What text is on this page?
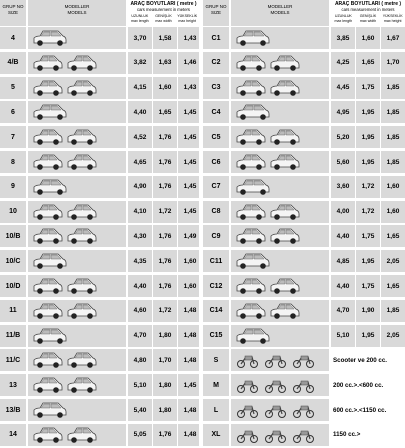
GRUP NO
SIZE
MODELLER
MODELS
ARAÇ BOYUTLARI ( metre )
cars measurement in meters
UZUNLUK
max length
GENİŞLİK
max width
YÜKSEKLİK
max height
4	3,70	1,58	1,43
4/B	3,82	1,63	1,46
5	4,15	1,60	1,43
6	4,40	1,65	1,45
7	4,52	1,76	1,45
8	4,65	1,76	1,45
9	4,90	1,76	1,45
10	4,10	1,72	1,45
10/B	4,30	1,76	1,49
10/C	4,35	1,76	1,60
10/D	4,40	1,76	1,60
11	4,60	1,72	1,48
11/B	4,70	1,80	1,48
11/C	4,80	1,70	1,48
13	5,10	1,80	1,45
13/B	5,40	1,80	1,48
14	5,05	1,76	1,48
GRUP NO
SIZE
MODELLER
MODELS
ARAÇ BOYUTLARI ( metre )
cars measurement in meters
UZUNLUK
max length
GENİŞLİK
max width
YÜKSEKLİK
max height
C1	3,85	1,60	1,67
C2	4,25	1,65	1,70
C3	4,45	1,75	1,85
C4	4,95	1,95	1,85
C5	5,20	1,95	1,85
C6	5,60	1,95	1,85
C7	3,60	1,72	1,60
C8	4,00	1,72	1,60
C9	4,40	1,75	1,65
C11	4,85	1,95	2,05
C12	4,40	1,75	1,65
C14	4,70	1,90	1,85
C15	5,10	1,95	2,05
S	Scooter ve 200 cc.
M	200 cc.>.<600 cc.
L	600 cc.>.<1150 cc.
XL	1150 cc.>
